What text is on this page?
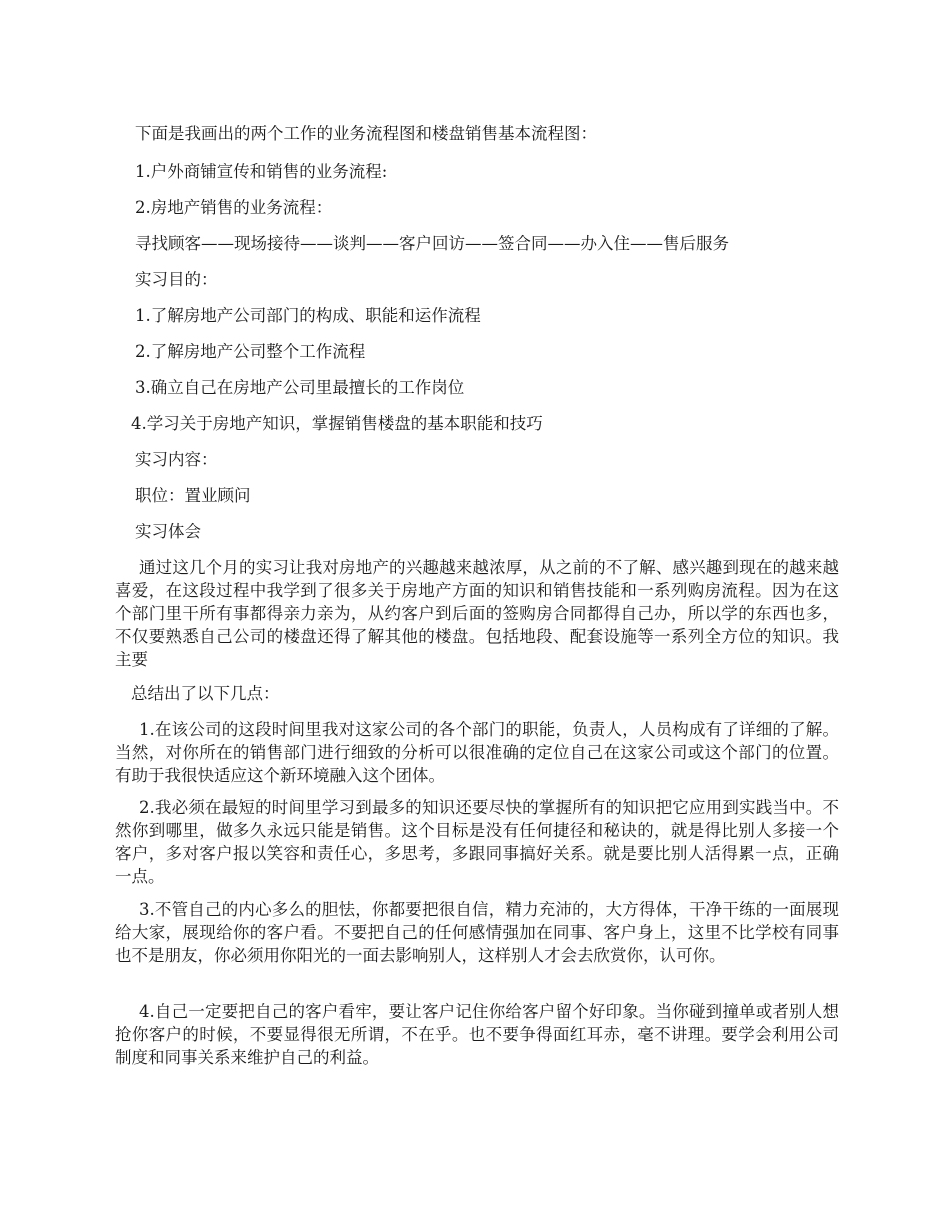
下面是我画出的两个工作的业务流程图和楼盘销售基本流程图：
1.户外商铺宣传和销售的业务流程:
2.房地产销售的业务流程：
寻找顾客——现场接待——谈判——客户回访——签合同——办入住——售后服务
实习目的：
1.了解房地产公司部门的构成、职能和运作流程
2.了解房地产公司整个工作流程
3.确立自己在房地产公司里最擅长的工作岗位
4.学习关于房地产知识，掌握销售楼盘的基本职能和技巧
实习内容：
职位：置业顾问
实习体会
通过这几个月的实习让我对房地产的兴趣越来越浓厚，从之前的不了解、感兴趣到现在的越来越喜爱，在这段过程中我学到了很多关于房地产方面的知识和销售技能和一系列购房流程。因为在这个部门里干所有事都得亲力亲为，从约客户到后面的签购房合同都得自己办，所以学的东西也多，不仅要熟悉自己公司的楼盘还得了解其他的楼盘。包括地段、配套设施等一系列全方位的知识。我主要
总结出了以下几点：
1.在该公司的这段时间里我对这家公司的各个部门的职能，负责人，人员构成有了详细的了解。当然，对你所在的销售部门进行细致的分析可以很准确的定位自己在这家公司或这个部门的位置。有助于我很快适应这个新环境融入这个团体。
2.我必须在最短的时间里学习到最多的知识还要尽快的掌握所有的知识把它应用到实践当中。不然你到哪里，做多久永远只能是销售。这个目标是没有任何捷径和秘诀的，就是得比别人多接一个客户，多对客户报以笑容和责任心，多思考，多跟同事搞好关系。就是要比别人活得累一点，正确一点。
3.不管自己的内心多么的胆怯，你都要把很自信，精力充沛的，大方得体，干净干练的一面展现给大家，展现给你的客户看。不要把自己的任何感情强加在同事、客户身上，这里不比学校有同事也不是朋友，你必须用你阳光的一面去影响别人，这样别人才会去欣赏你，认可你。
4.自己一定要把自己的客户看牢，要让客户记住你给客户留个好印象。当你碰到撞单或者别人想抢你客户的时候，不要显得很无所谓，不在乎。也不要争得面红耳赤，毫不讲理。要学会利用公司制度和同事关系来维护自己的利益。
